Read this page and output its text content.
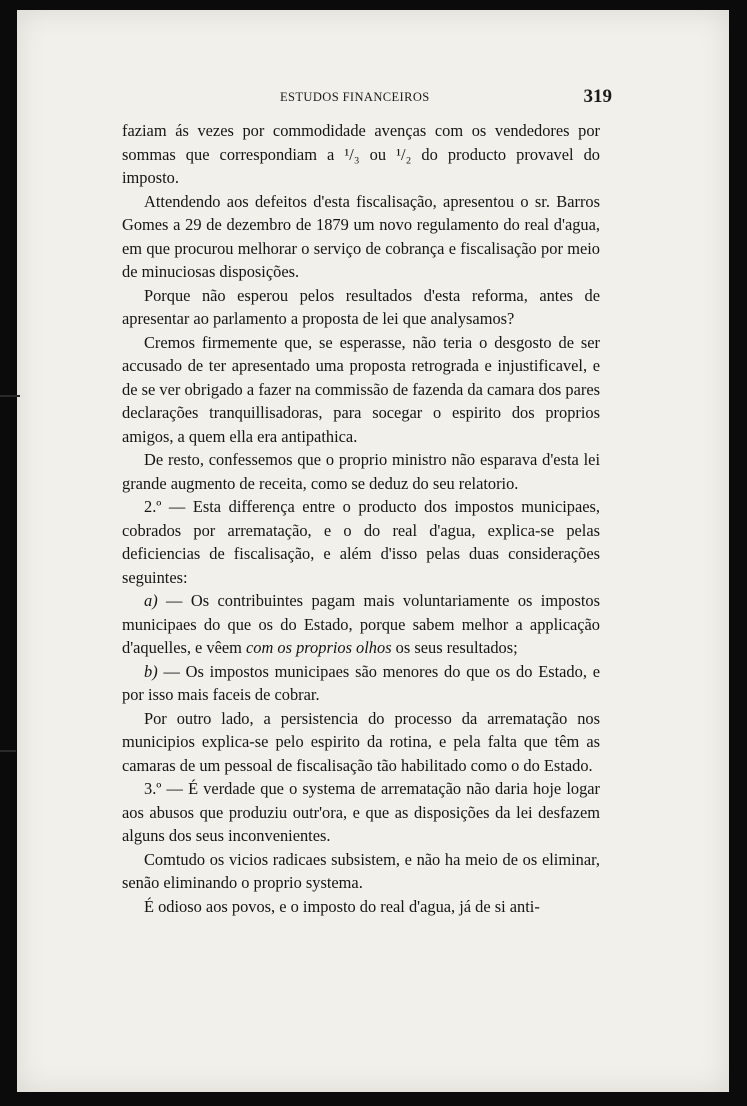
ESTUDOS FINANCEIROS	319

faziam ás vezes por commodidade avenças com os vendedores por sommas que correspondiam a ¹/₃ ou ¹/₂ do producto provavel do imposto.

Attendendo aos defeitos d'esta fiscalisação, apresentou o sr. Barros Gomes a 29 de dezembro de 1879 um novo regulamento do real d'agua, em que procurou melhorar o serviço de cobrança e fiscalisação por meio de minuciosas disposições.

Porque não esperou pelos resultados d'esta reforma, antes de apresentar ao parlamento a proposta de lei que analysamos?

Cremos firmemente que, se esperasse, não teria o desgosto de ser accusado de ter apresentado uma proposta retrograda e injustificavel, e de se ver obrigado a fazer na commissão de fazenda da camara dos pares declarações tranquillisadoras, para socegar o espirito dos proprios amigos, a quem ella era antipathica.

De resto, confessemos que o proprio ministro não esparava d'esta lei grande augmento de receita, como se deduz do seu relatorio.

2.º — Esta differença entre o producto dos impostos municipaes, cobrados por arrematação, e o do real d'agua, explica-se pelas deficiencias de fiscalisação, e além d'isso pelas duas considerações seguintes:

a) — Os contribuintes pagam mais voluntariamente os impostos municipaes do que os do Estado, porque sabem melhor a applicação d'aquelles, e vêem com os proprios olhos os seus resultados;

b) — Os impostos municipaes são menores do que os do Estado, e por isso mais faceis de cobrar.

Por outro lado, a persistencia do processo da arrematação nos municipios explica-se pelo espirito da rotina, e pela falta que têm as camaras de um pessoal de fiscalisação tão habilitado como o do Estado.

3.º — É verdade que o systema de arrematação não daria hoje logar aos abusos que produziu outr'ora, e que as disposições da lei desfazem alguns dos seus inconvenientes.

Comtudo os vicios radicaes subsistem, e não ha meio de os eliminar, senão eliminando o proprio systema.

É odioso aos povos, e o imposto do real d'agua, já de si anti-
